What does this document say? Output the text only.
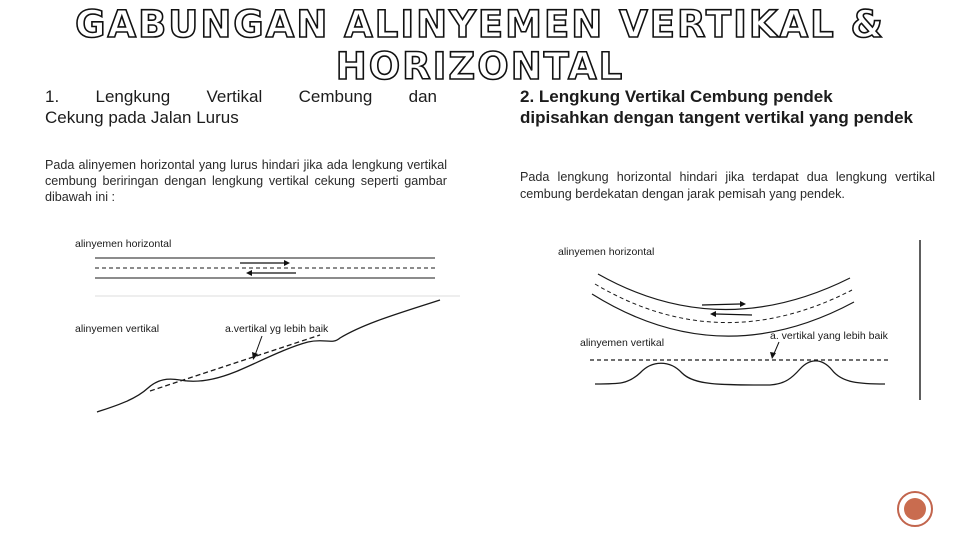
GABUNGAN ALINYEMEN VERTIKAL & HORIZONTAL
1. Lengkung Vertikal Cembung dan
Cekung pada Jalan Lurus
2. Lengkung Vertikal Cembung pendek dipisahkan dengan tangent vertikal yang pendek

Pada alinyemen horizontal yang lurus hindari jika ada lengkung vertikal cembung beriringan dengan lengkung vertikal cekung seperti gambar dibawah ini :

Pada lengkung horizontal hindari jika terdapat dua lengkung vertikal cembung berdekatan dengan jarak pemisah yang pendek.

alinyemen horizontal
alinyemen vertikal	a.vertikal yg lebih baik
alinyemen horizontal
alinyemen vertikal
a. vertikal yang lebih baik
